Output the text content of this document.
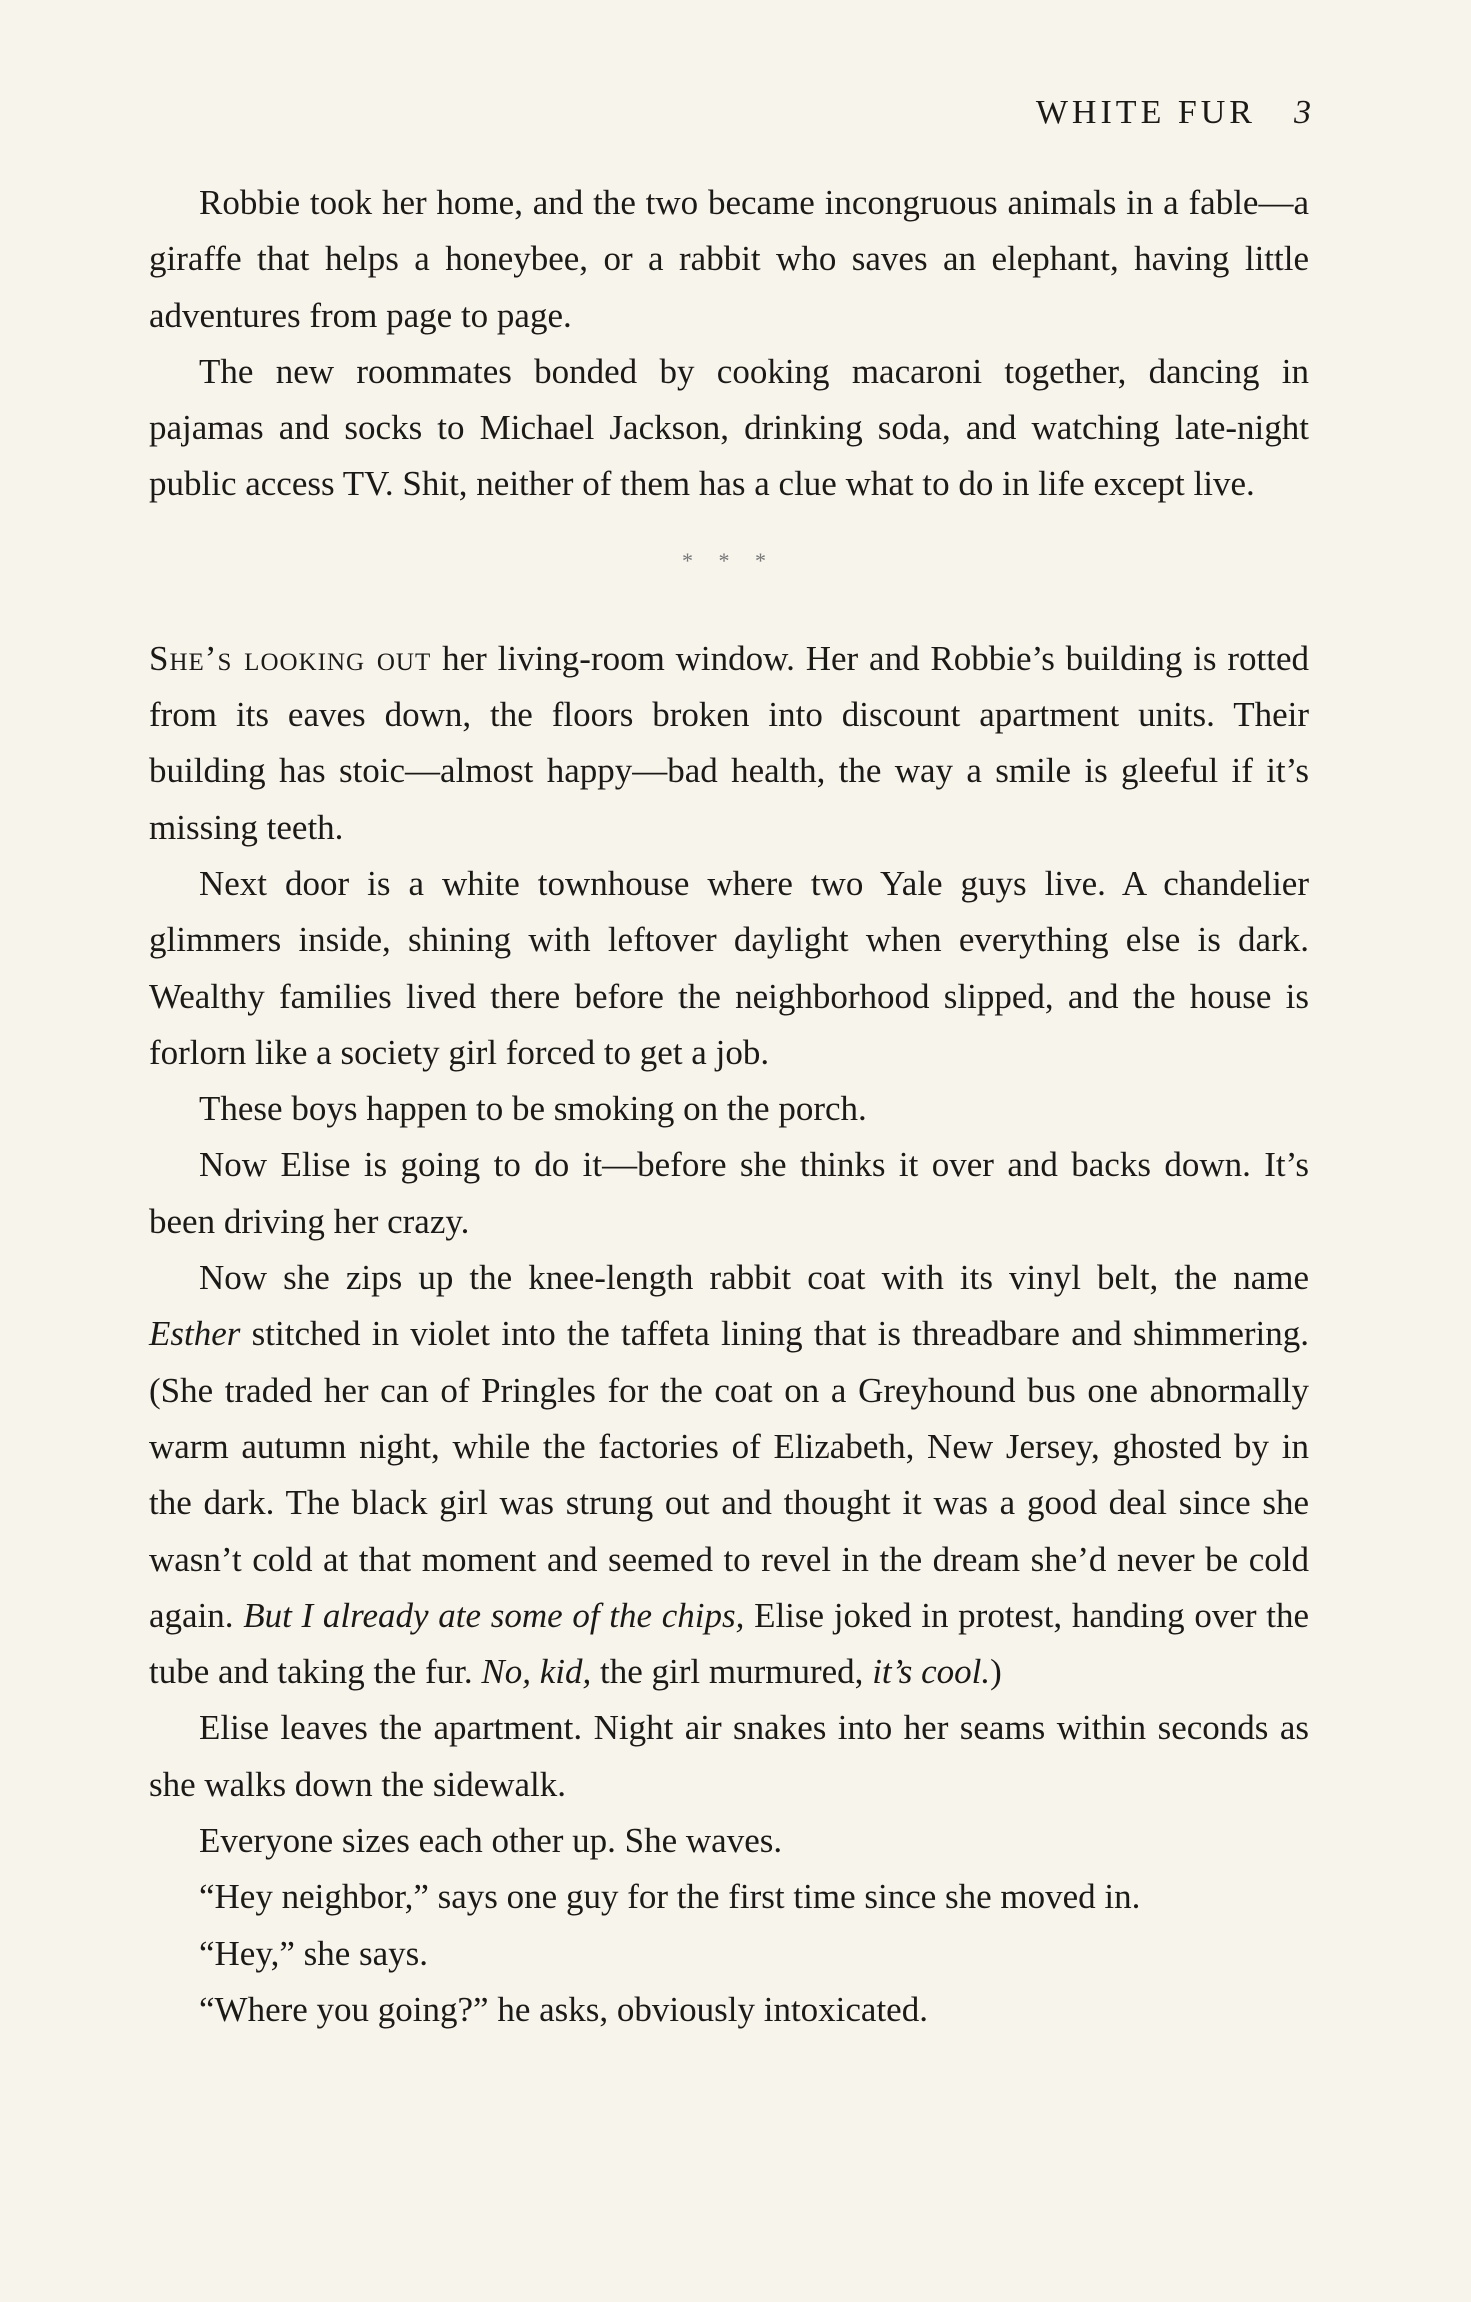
WHITE FUR 3

Robbie took her home, and the two became incongruous animals in a fable—a giraffe that helps a honeybee, or a rabbit who saves an elephant, having little adventures from page to page.

The new roommates bonded by cooking macaroni together, dancing in pajamas and socks to Michael Jackson, drinking soda, and watching late-night public access TV. Shit, neither of them has a clue what to do in life except live.

* * *

She’s looking out her living-room window. Her and Robbie’s building is rotted from its eaves down, the floors broken into discount apartment units. Their building has stoic—almost happy—bad health, the way a smile is gleeful if it’s missing teeth.

Next door is a white townhouse where two Yale guys live. A chandelier glimmers inside, shining with leftover daylight when everything else is dark. Wealthy families lived there before the neighborhood slipped, and the house is forlorn like a society girl forced to get a job.

These boys happen to be smoking on the porch.

Now Elise is going to do it—before she thinks it over and backs down. It’s been driving her crazy.

Now she zips up the knee-length rabbit coat with its vinyl belt, the name Esther stitched in violet into the taffeta lining that is threadbare and shimmering. (She traded her can of Pringles for the coat on a Greyhound bus one abnormally warm autumn night, while the factories of Elizabeth, New Jersey, ghosted by in the dark. The black girl was strung out and thought it was a good deal since she wasn’t cold at that moment and seemed to revel in the dream she’d never be cold again. But I already ate some of the chips, Elise joked in protest, handing over the tube and taking the fur. No, kid, the girl murmured, it’s cool.)

Elise leaves the apartment. Night air snakes into her seams within seconds as she walks down the sidewalk.

Everyone sizes each other up. She waves.

“Hey neighbor,” says one guy for the first time since she moved in.

“Hey,” she says.

“Where you going?” he asks, obviously intoxicated.
